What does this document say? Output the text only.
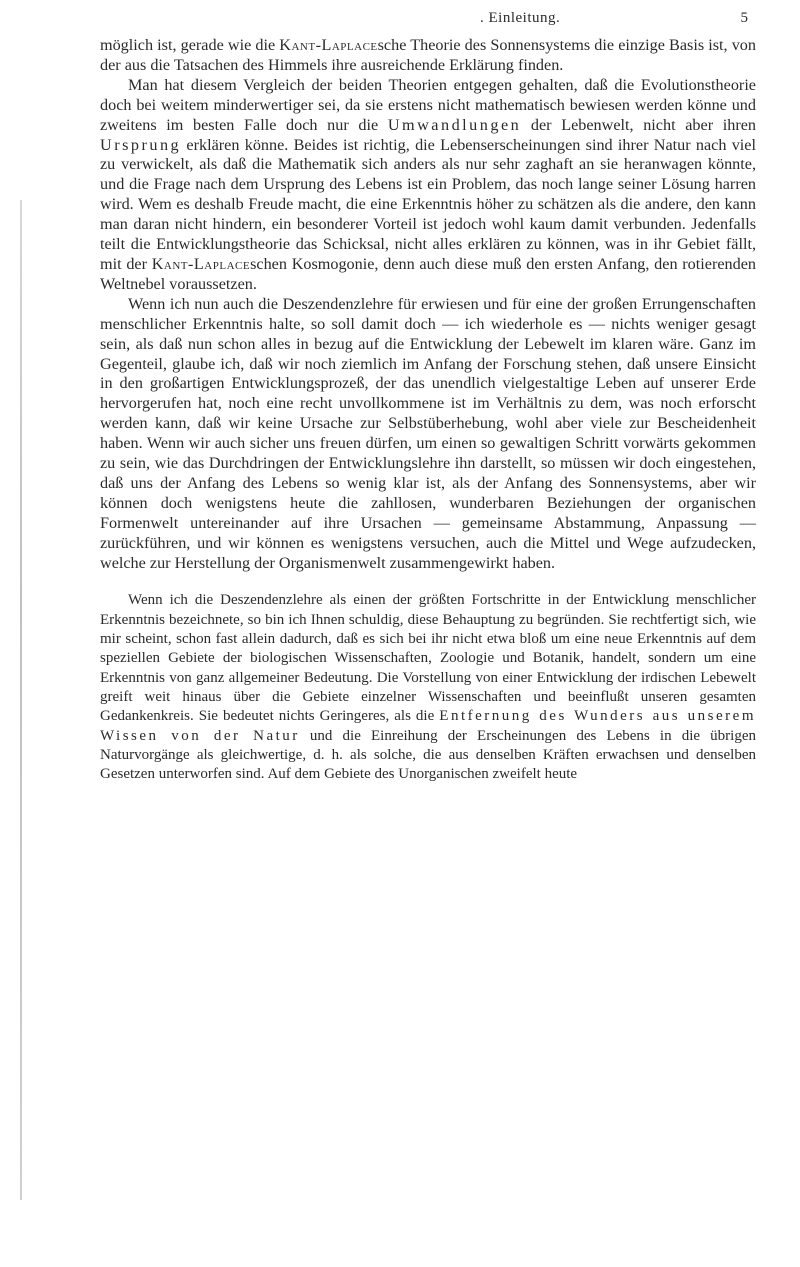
. Einleitung.	5

möglich ist, gerade wie die Kant-Laplacesche Theorie des Sonnensystems die einzige Basis ist, von der aus die Tatsachen des Himmels ihre ausreichende Erklärung finden.

Man hat diesem Vergleich der beiden Theorien entgegen gehalten, daß die Evolutionstheorie doch bei weitem minderwertiger sei, da sie erstens nicht mathematisch bewiesen werden könne und zweitens im besten Falle doch nur die Umwandlungen der Lebenwelt, nicht aber ihren Ursprung erklären könne. Beides ist richtig, die Lebenserscheinungen sind ihrer Natur nach viel zu verwickelt, als daß die Mathematik sich anders als nur sehr zaghaft an sie heranwagen könnte, und die Frage nach dem Ursprung des Lebens ist ein Problem, das noch lange seiner Lösung harren wird. Wem es deshalb Freude macht, die eine Erkenntnis höher zu schätzen als die andere, den kann man daran nicht hindern, ein besonderer Vorteil ist jedoch wohl kaum damit verbunden. Jedenfalls teilt die Entwicklungstheorie das Schicksal, nicht alles erklären zu können, was in ihr Gebiet fällt, mit der Kant-Laplaceschen Kosmogonie, denn auch diese muß den ersten Anfang, den rotierenden Weltnebel voraussetzen.

Wenn ich nun auch die Deszendenzlehre für erwiesen und für eine der großen Errungenschaften menschlicher Erkenntnis halte, so soll damit doch — ich wiederhole es — nichts weniger gesagt sein, als daß nun schon alles in bezug auf die Entwicklung der Lebewelt im klaren wäre. Ganz im Gegenteil, glaube ich, daß wir noch ziemlich im Anfang der Forschung stehen, daß unsere Einsicht in den großartigen Entwicklungsprozeß, der das unendlich vielgestaltige Leben auf unserer Erde hervorgerufen hat, noch eine recht unvollkommene ist im Verhältnis zu dem, was noch erforscht werden kann, daß wir keine Ursache zur Selbstüberhebung, wohl aber viele zur Bescheidenheit haben. Wenn wir auch sicher uns freuen dürfen, um einen so gewaltigen Schritt vorwärts gekommen zu sein, wie das Durchdringen der Entwicklungslehre ihn darstellt, so müssen wir doch eingestehen, daß uns der Anfang des Lebens so wenig klar ist, als der Anfang des Sonnensystems, aber wir können doch wenigstens heute die zahllosen, wunderbaren Beziehungen der organischen Formenwelt untereinander auf ihre Ursachen — gemeinsame Abstammung, Anpassung — zurückführen, und wir können es wenigstens versuchen, auch die Mittel und Wege aufzudecken, welche zur Herstellung der Organismenwelt zusammengewirkt haben.

Wenn ich die Deszendenzlehre als einen der größten Fortschritte in der Entwicklung menschlicher Erkenntnis bezeichnete, so bin ich Ihnen schuldig, diese Behauptung zu begründen. Sie rechtfertigt sich, wie mir scheint, schon fast allein dadurch, daß es sich bei ihr nicht etwa bloß um eine neue Erkenntnis auf dem speziellen Gebiete der biologischen Wissenschaften, Zoologie und Botanik, handelt, sondern um eine Erkenntnis von ganz allgemeiner Bedeutung. Die Vorstellung von einer Entwicklung der irdischen Lebewelt greift weit hinaus über die Gebiete einzelner Wissenschaften und beeinflußt unseren gesamten Gedankenkreis. Sie bedeutet nichts Geringeres, als die Entfernung des Wunders aus unserem Wissen von der Natur und die Einreihung der Erscheinungen des Lebens in die übrigen Naturvorgänge als gleichwertige, d. h. als solche, die aus denselben Kräften erwachsen und denselben Gesetzen unterworfen sind. Auf dem Gebiete des Unorganischen zweifelt heute
